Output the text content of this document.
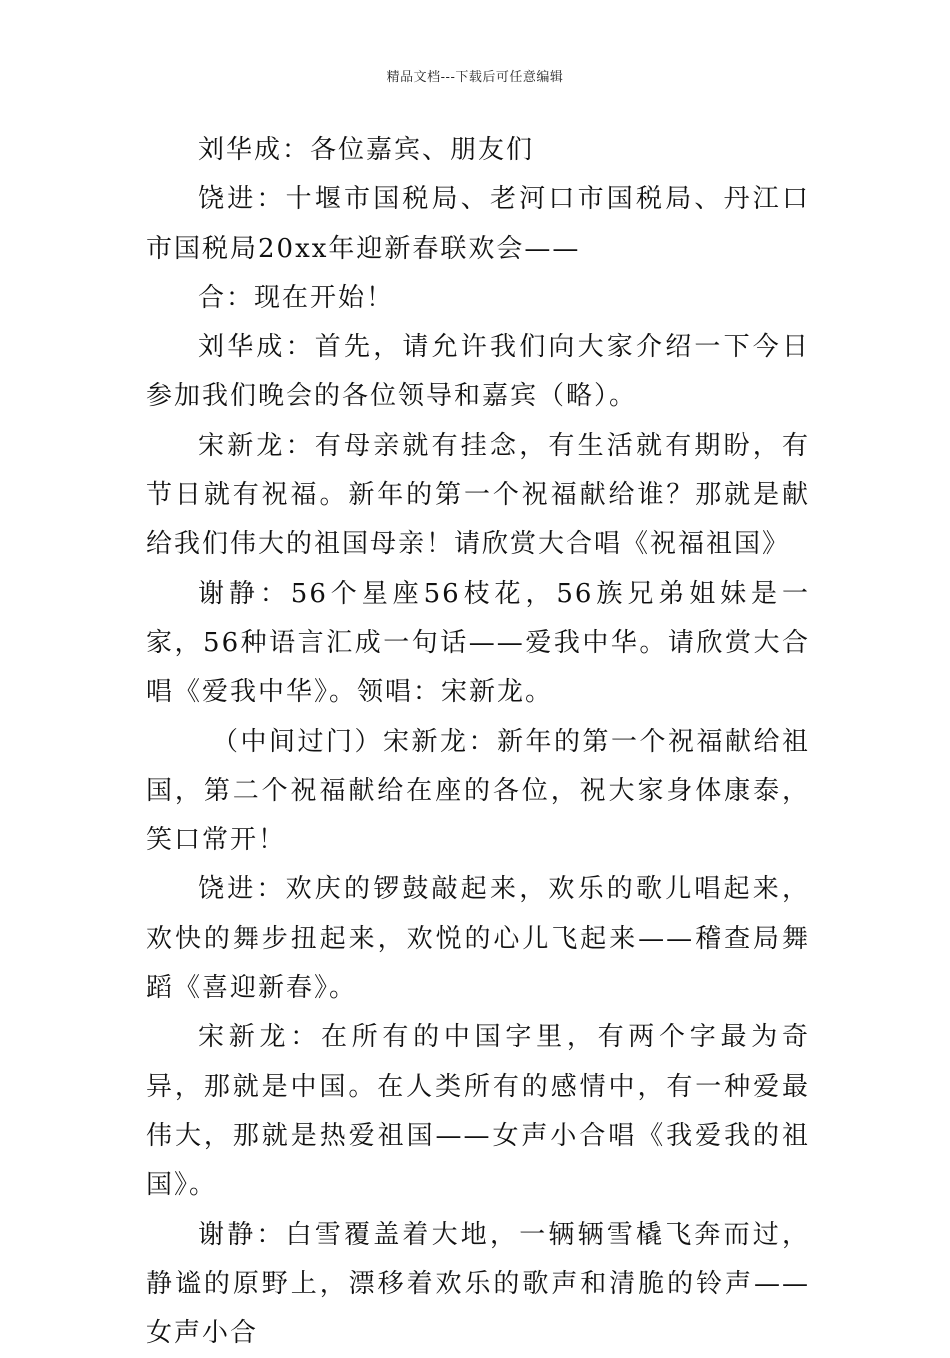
精品文档---下载后可任意编辑

刘华成：各位嘉宾、朋友们

饶进：十堰市国税局、老河口市国税局、丹江口市国税局20xx年迎新春联欢会——

合：现在开始！

刘华成：首先，请允许我们向大家介绍一下今日参加我们晚会的各位领导和嘉宾（略）。

宋新龙：有母亲就有挂念，有生活就有期盼，有节日就有祝福。新年的第一个祝福献给谁？那就是献给我们伟大的祖国母亲！请欣赏大合唱《祝福祖国》

谢静：56个星座56枝花，56族兄弟姐妹是一家，56种语言汇成一句话——爱我中华。请欣赏大合唱《爱我中华》。领唱：宋新龙。

（中间过门）宋新龙：新年的第一个祝福献给祖国，第二个祝福献给在座的各位，祝大家身体康泰，笑口常开！

饶进：欢庆的锣鼓敲起来，欢乐的歌儿唱起来，欢快的舞步扭起来，欢悦的心儿飞起来——稽查局舞蹈《喜迎新春》。

宋新龙：在所有的中国字里，有两个字最为奇异，那就是中国。在人类所有的感情中，有一种爱最伟大，那就是热爱祖国——女声小合唱《我爱我的祖国》。

谢静：白雪覆盖着大地，一辆辆雪橇飞奔而过，静谧的原野上，漂移着欢乐的歌声和清脆的铃声——女声小合
